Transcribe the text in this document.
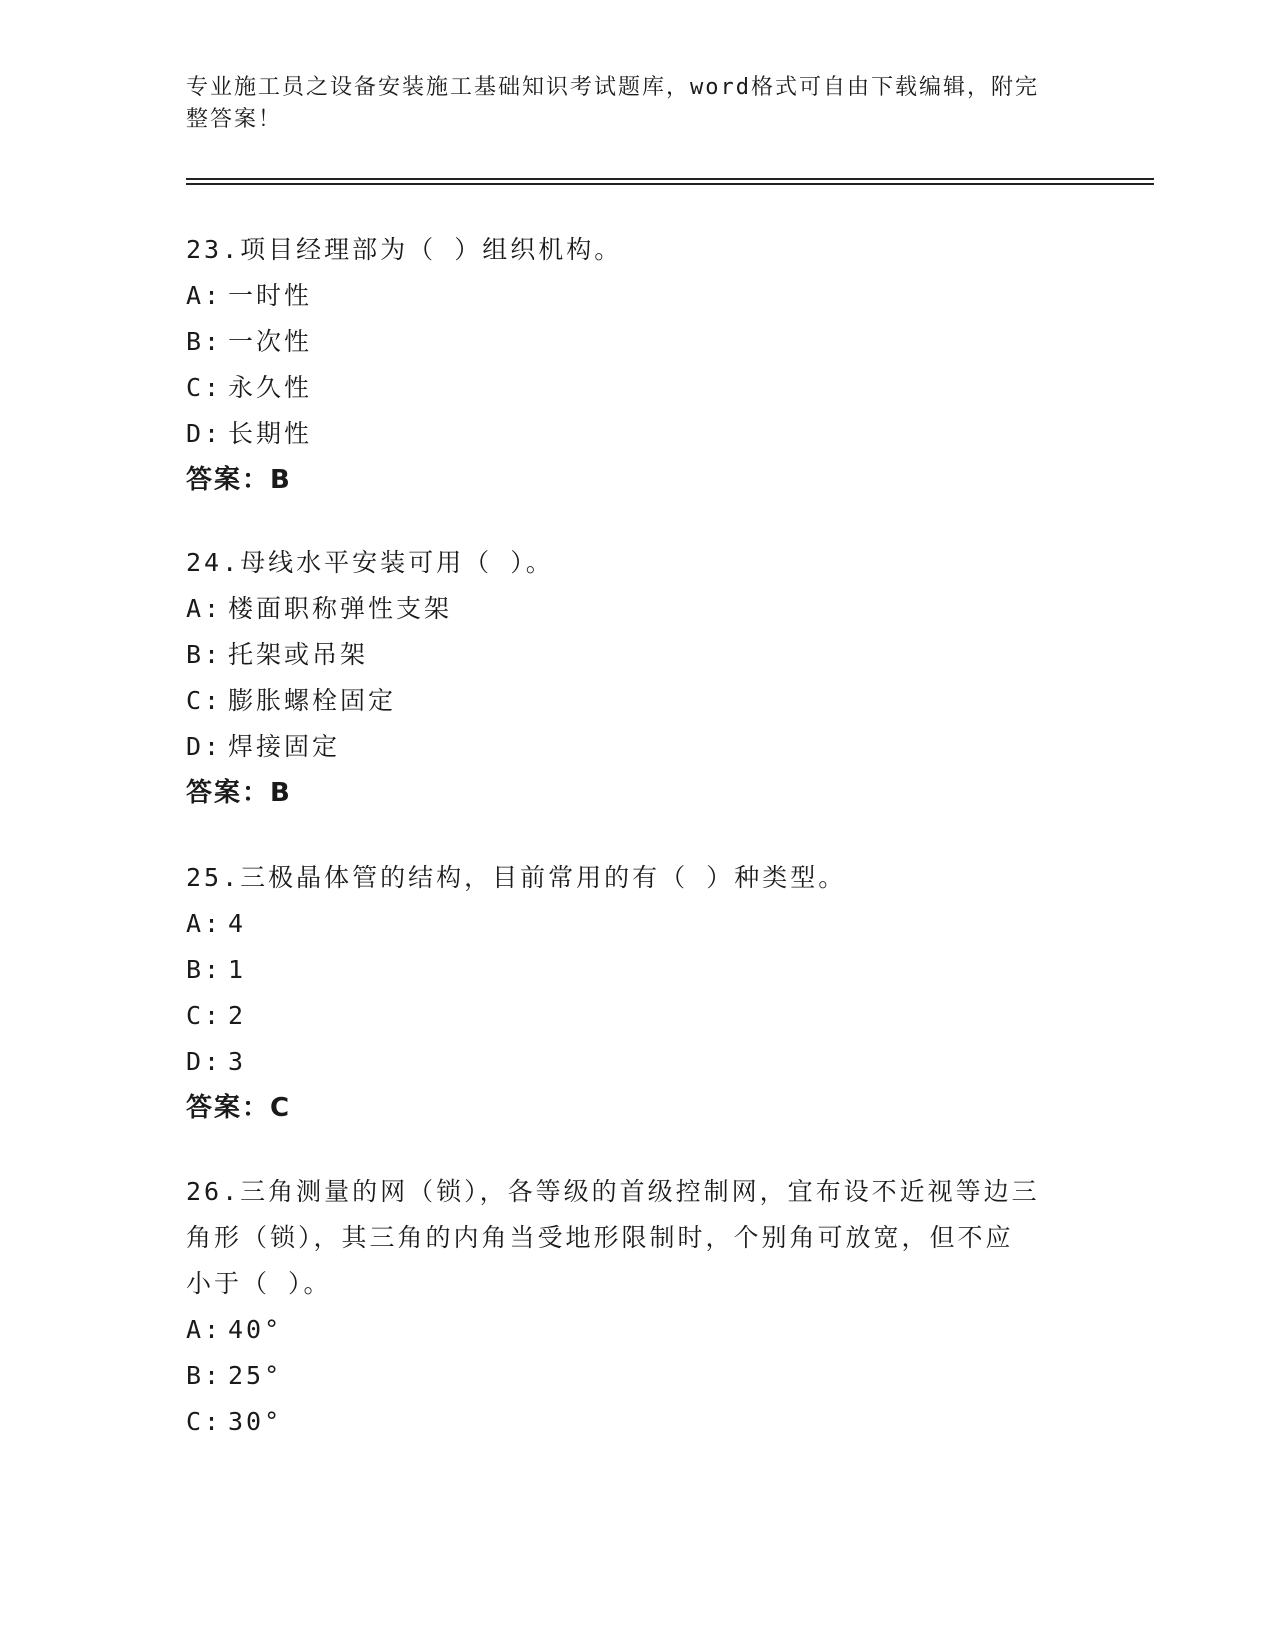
专业施工员之设备安装施工基础知识考试题库，word格式可自由下载编辑，附完
整答案！
23.项目经理部为（ ）组织机构。
A: 一时性
B: 一次性
C: 永久性
D: 长期性
答案：B
24.母线水平安装可用（ ）。
A: 楼面职称弹性支架
B: 托架或吊架
C: 膨胀螺栓固定
D: 焊接固定
答案：B
25.三极晶体管的结构，目前常用的有（ ）种类型。
A: 4
B: 1
C: 2
D: 3
答案：C
26.三角测量的网（锁），各等级的首级控制网，宜布设不近视等边三
角形（锁），其三角的内角当受地形限制时，个别角可放宽，但不应
小于（ ）。
A: 40°
B: 25°
C: 30°
